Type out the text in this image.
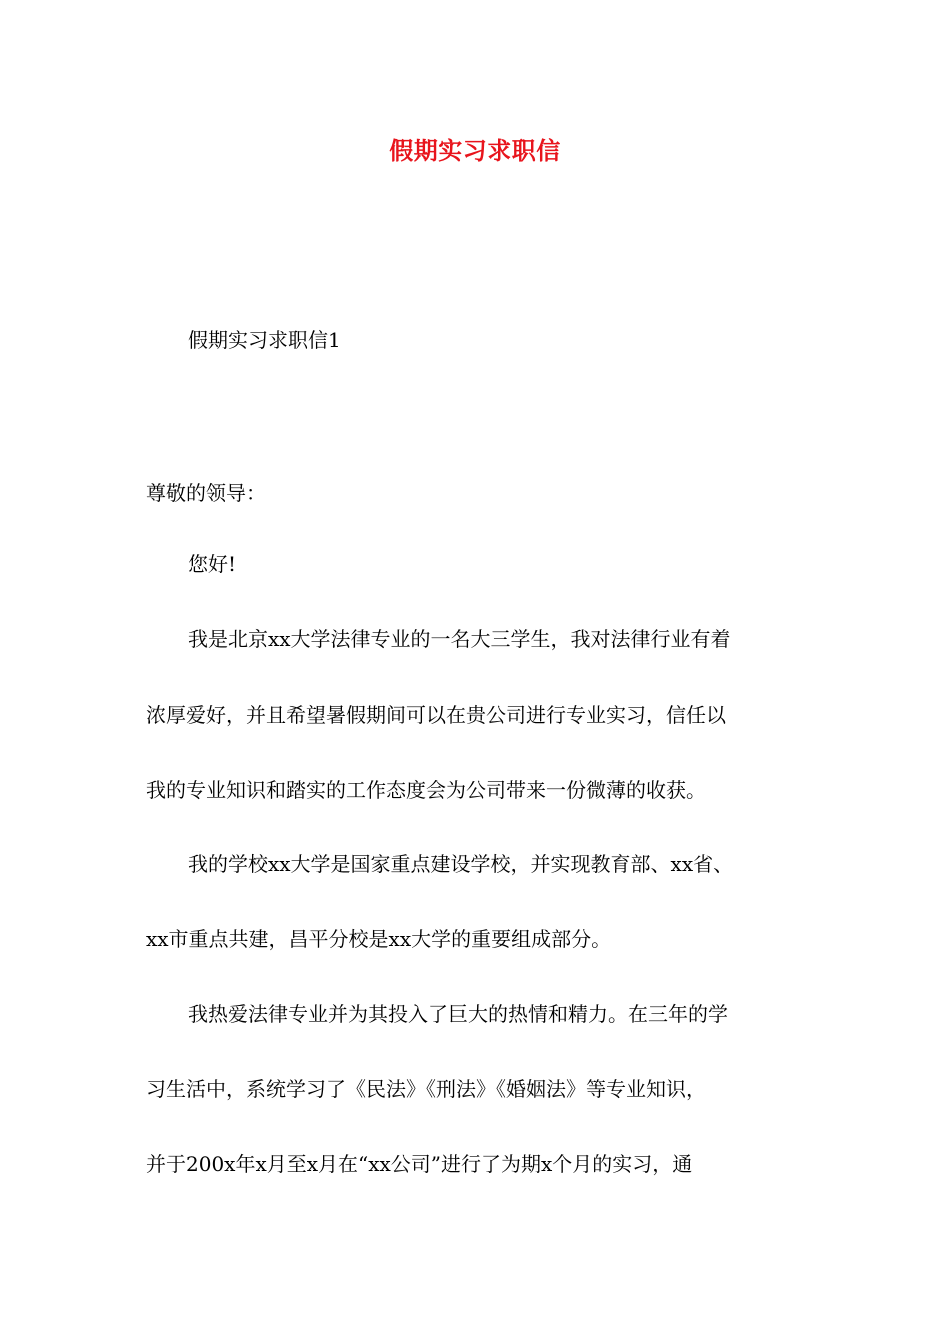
假期实习求职信
假期实习求职信1
尊敬的领导：
您好!
我是北京xx大学法律专业的一名大三学生，我对法律行业有着
浓厚爱好，并且希望暑假期间可以在贵公司进行专业实习，信任以
我的专业知识和踏实的工作态度会为公司带来一份微薄的收获。
我的学校xx大学是国家重点建设学校，并实现教育部、xx省、
xx市重点共建，昌平分校是xx大学的重要组成部分。
我热爱法律专业并为其投入了巨大的热情和精力。在三年的学
习生活中，系统学习了《民法》《刑法》《婚姻法》等专业知识，
并于200x年x月至x月在“xx公司”进行了为期x个月的实习，通
